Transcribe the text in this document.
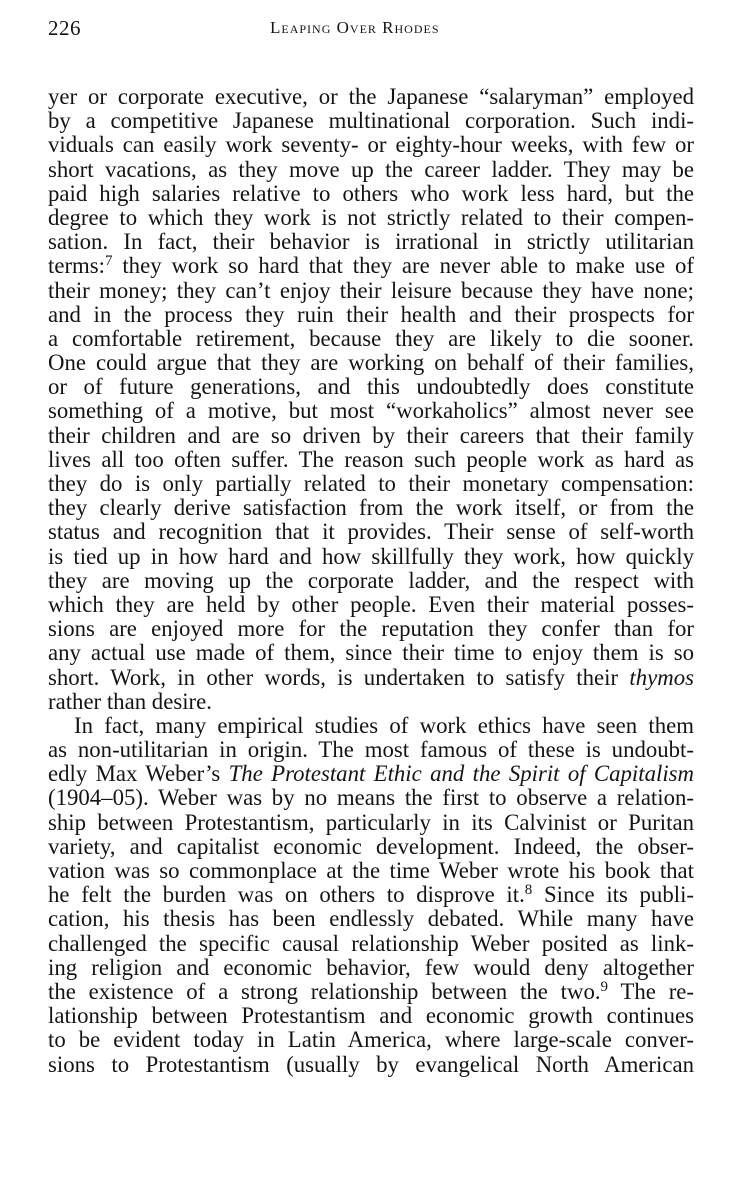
226	Leaping Over Rhodes
yer or corporate executive, or the Japanese “salaryman” employed
by a competitive Japanese multinational corporation. Such indi-
viduals can easily work seventy- or eighty-hour weeks, with few or
short vacations, as they move up the career ladder. They may be
paid high salaries relative to others who work less hard, but the
degree to which they work is not strictly related to their compen-
sation. In fact, their behavior is irrational in strictly utilitarian
terms:$^7$ they work so hard that they are never able to make use of
their money; they can’t enjoy their leisure because they have none;
and in the process they ruin their health and their prospects for
a comfortable retirement, because they are likely to die sooner.
One could argue that they are working on behalf of their families,
or of future generations, and this undoubtedly does constitute
something of a motive, but most “workaholics” almost never see
their children and are so driven by their careers that their family
lives all too often suffer. The reason such people work as hard as
they do is only partially related to their monetary compensation:
they clearly derive satisfaction from the work itself, or from the
status and recognition that it provides. Their sense of self-worth
is tied up in how hard and how skillfully they work, how quickly
they are moving up the corporate ladder, and the respect with
which they are held by other people. Even their material posses-
sions are enjoyed more for the reputation they confer than for
any actual use made of them, since their time to enjoy them is so
short. Work, in other words, is undertaken to satisfy their thymos
rather than desire.
In fact, many empirical studies of work ethics have seen them
as non-utilitarian in origin. The most famous of these is undoubt-
edly Max Weber’s The Protestant Ethic and the Spirit of Capitalism
(1904–05). Weber was by no means the first to observe a relation-
ship between Protestantism, particularly in its Calvinist or Puritan
variety, and capitalist economic development. Indeed, the obser-
vation was so commonplace at the time Weber wrote his book that
he felt the burden was on others to disprove it.$^8$ Since its publi-
cation, his thesis has been endlessly debated. While many have
challenged the specific causal relationship Weber posited as link-
ing religion and economic behavior, few would deny altogether
the existence of a strong relationship between the two.$^9$ The re-
lationship between Protestantism and economic growth continues
to be evident today in Latin America, where large-scale conver-
sions to Protestantism (usually by evangelical North American
